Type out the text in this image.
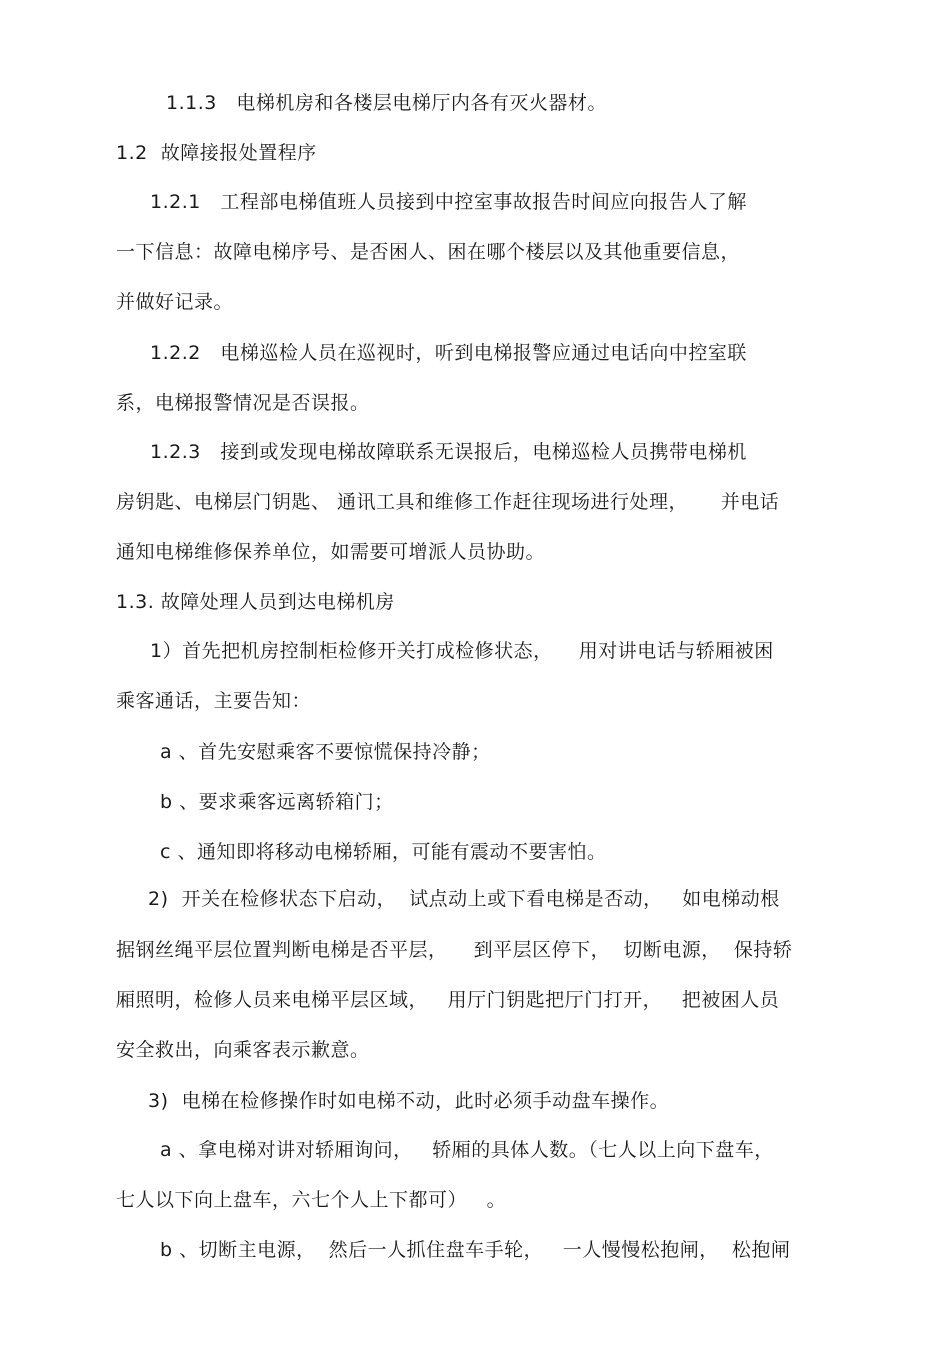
1.1.3　电梯机房和各楼层电梯厅内各有灭火器材。
1.2  故障接报处置程序
1.2.1　工程部电梯值班人员接到中控室事故报告时间应向报告人了解
一下信息：故障电梯序号、是否困人、困在哪个楼层以及其他重要信息，
并做好记录。
1.2.2　电梯巡检人员在巡视时，听到电梯报警应通过电话向中控室联
系，电梯报警情况是否误报。
1.2.3　接到或发现电梯故障联系无误报后，电梯巡检人员携带电梯机
房钥匙、电梯层门钥匙、 通讯工具和维修工作赶往现场进行处理，     并电话
通知电梯维修保养单位，如需要可增派人员协助。
1.3. 故障处理人员到达电梯机房
1）首先把机房控制柜检修开关打成检修状态，    用对讲电话与轿厢被困
乘客通话，主要告知：
a 、首先安慰乘客不要惊慌保持冷静；
b 、要求乘客远离轿箱门；
c 、通知即将移动电梯轿厢，可能有震动不要害怕。
2)  开关在检修状态下启动，  试点动上或下看电梯是否动，   如电梯动根
据钢丝绳平层位置判断电梯是否平层，    到平层区停下，  切断电源，  保持轿
厢照明，检修人员来电梯平层区域，   用厅门钥匙把厅门打开，   把被困人员
安全救出，向乘客表示歉意。
3)  电梯在检修操作时如电梯不动，此时必须手动盘车操作。
a 、拿电梯对讲对轿厢询问，   轿厢的具体人数。（七人以上向下盘车，
七人以下向上盘车，六七个人上下都可）   。
b 、切断主电源，  然后一人抓住盘车手轮，   一人慢慢松抱闸，  松抱闸
